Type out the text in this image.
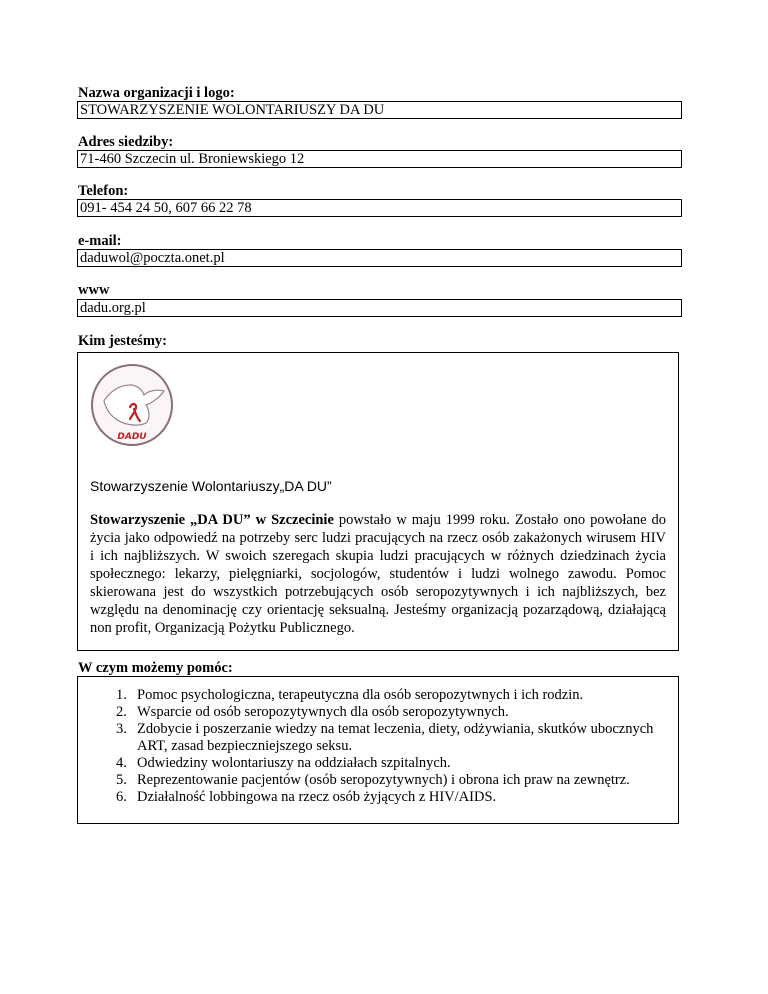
Nazwa organizacji i logo:
STOWARZYSZENIE WOLONTARIUSZY DA DU
Adres siedziby:
71-460 Szczecin ul. Broniewskiego 12
Telefon:
091- 454 24 50, 607 66 22 78
e-mail:
daduwol@poczta.onet.pl
www
dadu.org.pl
Kim jesteśmy:
DADU
Stowarzyszenie Wolontariuszy„DA DU”
Stowarzyszenie „DA DU” w Szczecinie powstało w maju 1999 roku. Zostało ono powołane do życia jako odpowiedź na potrzeby serc ludzi pracujących na rzecz osób zakażonych wirusem HIV i ich najbliższych. W swoich szeregach skupia ludzi pracujących w różnych dziedzinach życia społecznego: lekarzy, pielęgniarki, socjologów, studentów i ludzi wolnego zawodu. Pomoc skierowana jest do wszystkich potrzebujących osób seropozytywnych i ich najbliższych, bez względu na denominację czy orientację seksualną. Jesteśmy organizacją pozarządową, działającą non profit, Organizacją Pożytku Publicznego.
W czym możemy pomóc:
1. Pomoc psychologiczna, terapeutyczna dla osób seropozytwnych i ich rodzin.
2. Wsparcie od osób seropozytywnych dla osób seropozytywnych.
3. Zdobycie i poszerzanie wiedzy na temat leczenia, diety, odżywiania, skutków ubocznych ART, zasad bezpieczniejszego seksu.
4. Odwiedziny wolontariuszy na oddziałach szpitalnych.
5. Reprezentowanie pacjentów (osób seropozytywnych) i obrona ich praw na zewnętrz.
6. Działalność lobbingowa na rzecz osób żyjących z HIV/AIDS.
